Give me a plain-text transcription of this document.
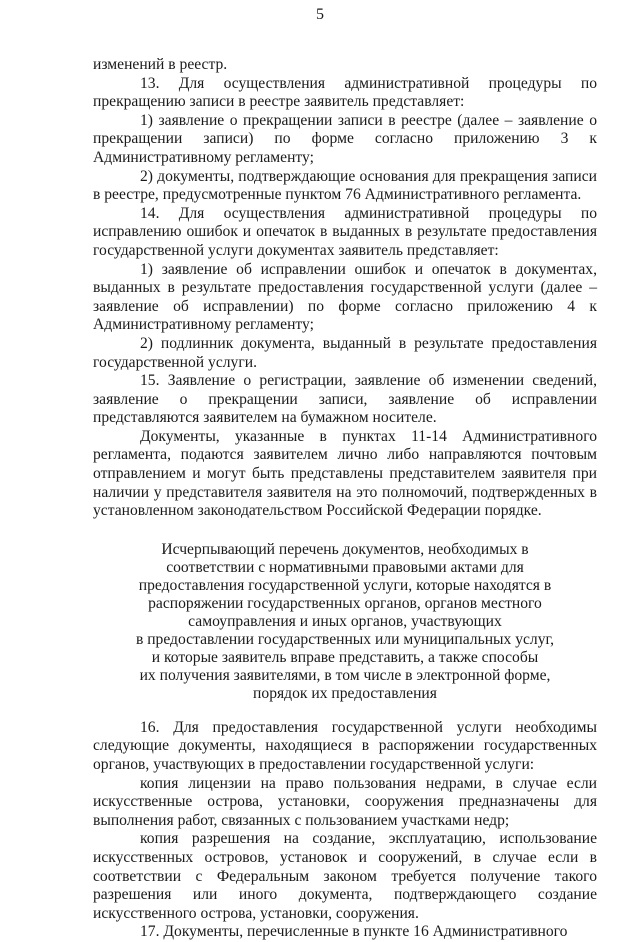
5

изменений в реестр.

13. Для осуществления административной процедуры по прекращению записи в реестре заявитель представляет:

1) заявление о прекращении записи в реестре (далее – заявление о прекращении записи) по форме согласно приложению 3 к Административному регламенту;

2) документы, подтверждающие основания для прекращения записи в реестре, предусмотренные пунктом 76 Административного регламента.

14. Для осуществления административной процедуры по исправлению ошибок и опечаток в выданных в результате предоставления государственной услуги документах заявитель представляет:

1) заявление об исправлении ошибок и опечаток в документах, выданных в результате предоставления государственной услуги (далее – заявление об исправлении) по форме согласно приложению 4 к Административному регламенту;

2) подлинник документа, выданный в результате предоставления государственной услуги.

15. Заявление о регистрации, заявление об изменении сведений, заявление о прекращении записи, заявление об исправлении представляются заявителем на бумажном носителе.

Документы, указанные в пунктах 11-14 Административного регламента, подаются заявителем лично либо направляются почтовым отправлением и могут быть представлены представителем заявителя при наличии у представителя заявителя на это полномочий, подтвержденных в установленном законодательством Российской Федерации порядке.

Исчерпывающий перечень документов, необходимых в
соответствии с нормативными правовыми актами для
предоставления государственной услуги, которые находятся в
распоряжении государственных органов, органов местного
самоуправления и иных органов, участвующих
в предоставлении государственных или муниципальных услуг,
и которые заявитель вправе представить, а также способы
их получения заявителями, в том числе в электронной форме,
порядок их предоставления

16. Для предоставления государственной услуги необходимы следующие документы, находящиеся в распоряжении государственных органов, участвующих в предоставлении государственной услуги:

копия лицензии на право пользования недрами, в случае если искусственные острова, установки, сооружения предназначены для выполнения работ, связанных с пользованием участками недр;

копия разрешения на создание, эксплуатацию, использование искусственных островов, установок и сооружений, в случае если в соответствии с Федеральным законом требуется получение такого разрешения или иного документа, подтверждающего создание искусственного острова, установки, сооружения.

17. Документы, перечисленные в пункте 16 Административного
